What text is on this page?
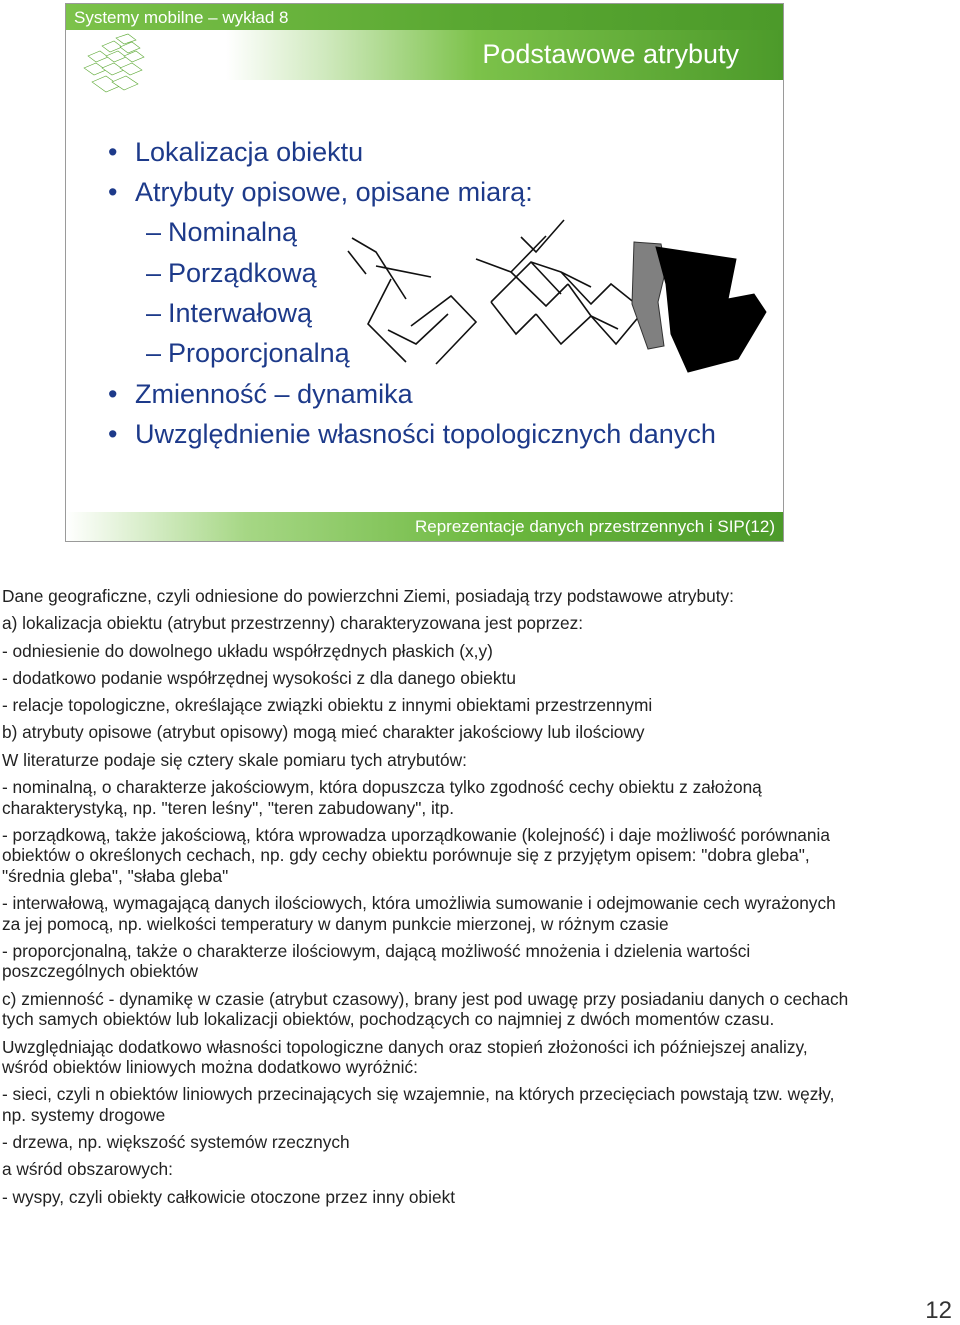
Systemy mobilne – wykład 8
Podstawowe atrybuty
UCZELNIA
ONLINE
• Lokalizacja obiektu
• Atrybuty opisowe, opisane miarą:
– Nominalną
– Porządkową
– Interwałową
– Proporcjonalną
• Zmienność – dynamika
• Uwzględnienie własności topologicznych danych
Reprezentacje danych przestrzennych i SIP(12)

Dane geograficzne, czyli odniesione do powierzchni Ziemi, posiadają trzy podstawowe atrybuty:

a) lokalizacja obiektu (atrybut przestrzenny) charakteryzowana jest poprzez:

- odniesienie do dowolnego układu współrzędnych płaskich (x,y)

- dodatkowo podanie współrzędnej wysokości z dla danego obiektu

- relacje topologiczne, określające związki obiektu z innymi obiektami przestrzennymi

b) atrybuty opisowe (atrybut opisowy) mogą mieć charakter jakościowy lub ilościowy

W literaturze podaje się cztery skale pomiaru tych atrybutów:

- nominalną, o charakterze jakościowym, która dopuszcza tylko zgodność cechy obiektu z założoną charakterystyką, np. "teren leśny", "teren zabudowany", itp.

- porządkową, także jakościową, która wprowadza uporządkowanie (kolejność) i daje możliwość porównania obiektów o określonych cechach, np. gdy cechy obiektu porównuje się z przyjętym opisem: "dobra gleba", "średnia gleba", "słaba gleba"

- interwałową, wymagającą danych ilościowych, która umożliwia sumowanie i odejmowanie cech wyrażonych za jej pomocą, np. wielkości temperatury w danym punkcie mierzonej, w różnym czasie

- proporcjonalną, także o charakterze ilościowym, dającą możliwość mnożenia i dzielenia wartości poszczególnych obiektów

c) zmienność - dynamikę w czasie (atrybut czasowy), brany jest pod uwagę przy posiadaniu danych o cechach tych samych obiektów lub lokalizacji obiektów, pochodzących co najmniej z dwóch momentów czasu.

Uwzględniając dodatkowo własności topologiczne danych oraz stopień złożoności ich późniejszej analizy, wśród obiektów liniowych można dodatkowo wyróżnić:

- sieci, czyli n obiektów liniowych przecinających się wzajemnie, na których przecięciach powstają tzw. węzły, np. systemy drogowe

- drzewa, np. większość systemów rzecznych

a wśród obszarowych:

- wyspy, czyli obiekty całkowicie otoczone przez inny obiekt

12
